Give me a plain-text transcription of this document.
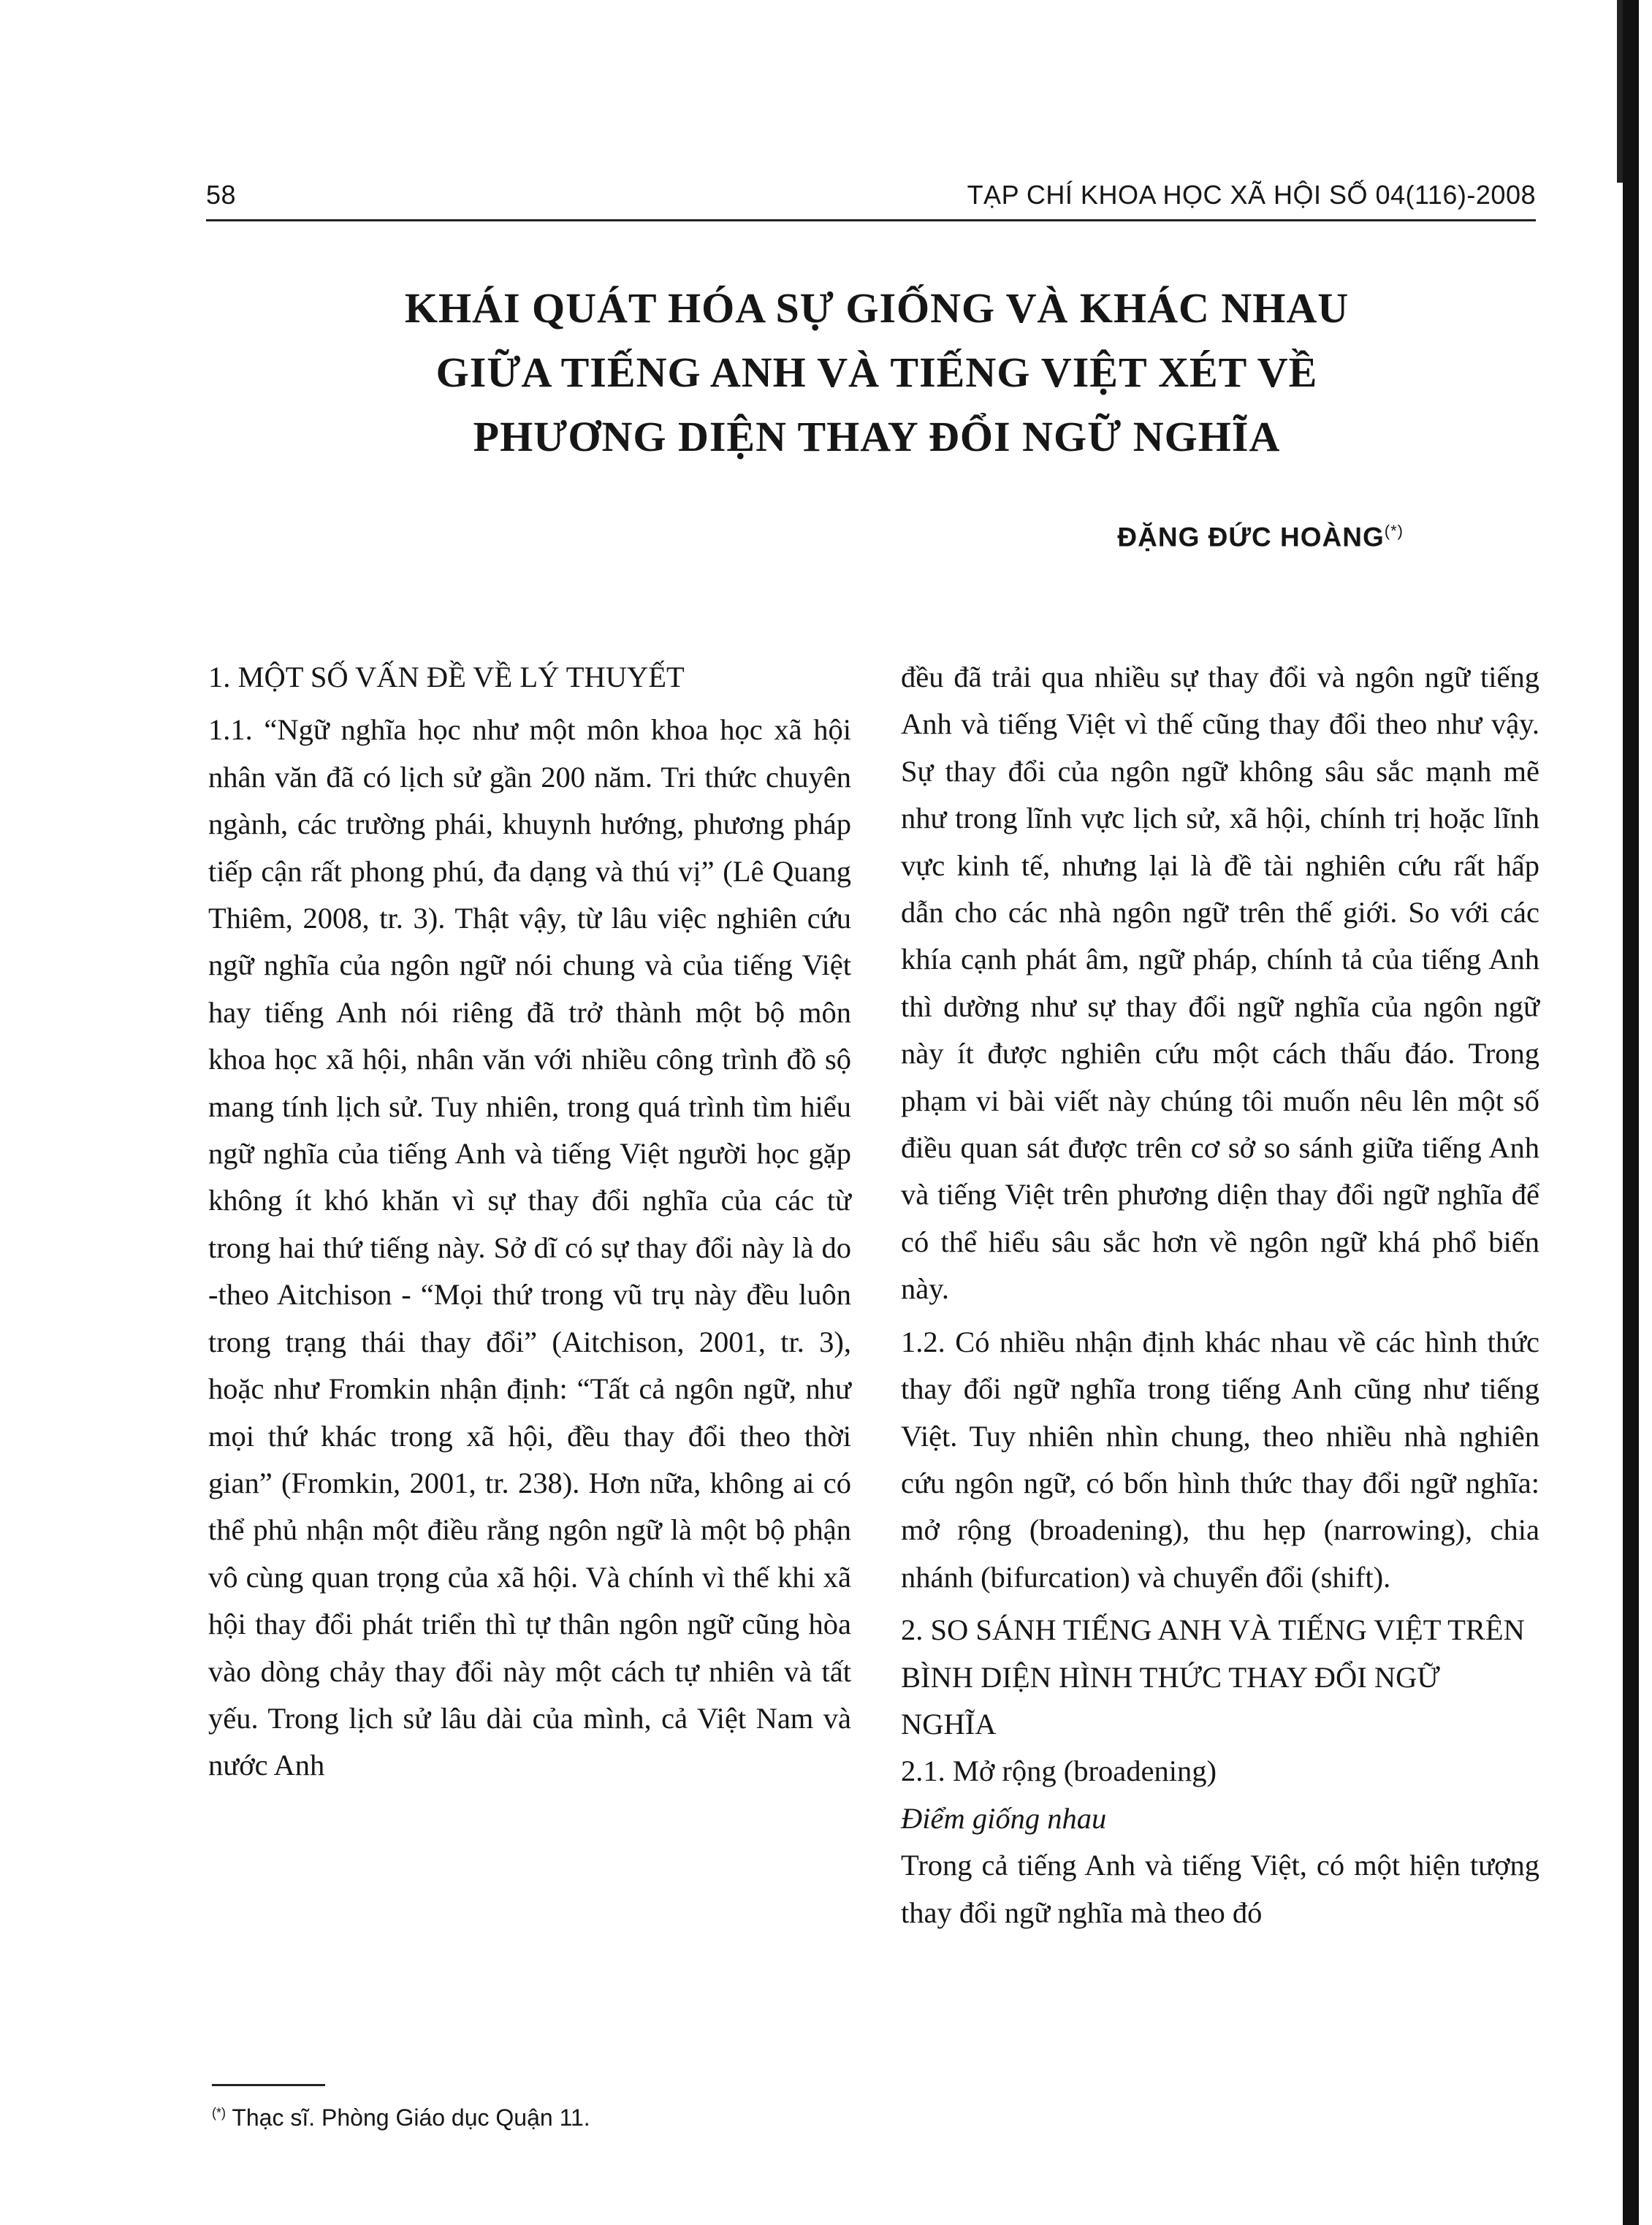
58	TẠP CHÍ KHOA HỌC XÃ HỘI SỐ 04(116)-2008
KHÁI QUÁT HÓA SỰ GIỐNG VÀ KHÁC NHAU
GIỮA TIẾNG ANH VÀ TIẾNG VIỆT XÉT VỀ
PHƯƠNG DIỆN THAY ĐỔI NGỮ NGHĨA
ĐẶNG ĐỨC HOÀNG(*)

1. MỘT SỐ VẤN ĐỀ VỀ LÝ THUYẾT

1.1. “Ngữ nghĩa học như một môn khoa học xã hội nhân văn đã có lịch sử gần 200 năm. Tri thức chuyên ngành, các trường phái, khuynh hướng, phương pháp tiếp cận rất phong phú, đa dạng và thú vị” (Lê Quang Thiêm, 2008, tr. 3). Thật vậy, từ lâu việc nghiên cứu ngữ nghĩa của ngôn ngữ nói chung và của tiếng Việt hay tiếng Anh nói riêng đã trở thành một bộ môn khoa học xã hội, nhân văn với nhiều công trình đồ sộ mang tính lịch sử. Tuy nhiên, trong quá trình tìm hiểu ngữ nghĩa của tiếng Anh và tiếng Việt người học gặp không ít khó khăn vì sự thay đổi nghĩa của các từ trong hai thứ tiếng này. Sở dĩ có sự thay đổi này là do -theo Aitchison - “Mọi thứ trong vũ trụ này đều luôn trong trạng thái thay đổi” (Aitchison, 2001, tr. 3), hoặc như Fromkin nhận định: “Tất cả ngôn ngữ, như mọi thứ khác trong xã hội, đều thay đổi theo thời gian” (Fromkin, 2001, tr. 238). Hơn nữa, không ai có thể phủ nhận một điều rằng ngôn ngữ là một bộ phận vô cùng quan trọng của xã hội. Và chính vì thế khi xã hội thay đổi phát triển thì tự thân ngôn ngữ cũng hòa vào dòng chảy thay đổi này một cách tự nhiên và tất yếu. Trong lịch sử lâu dài của mình, cả Việt Nam và nước Anh

đều đã trải qua nhiều sự thay đổi và ngôn ngữ tiếng Anh và tiếng Việt vì thế cũng thay đổi theo như vậy. Sự thay đổi của ngôn ngữ không sâu sắc mạnh mẽ như trong lĩnh vực lịch sử, xã hội, chính trị hoặc lĩnh vực kinh tế, nhưng lại là đề tài nghiên cứu rất hấp dẫn cho các nhà ngôn ngữ trên thế giới. So với các khía cạnh phát âm, ngữ pháp, chính tả của tiếng Anh thì dường như sự thay đổi ngữ nghĩa của ngôn ngữ này ít được nghiên cứu một cách thấu đáo. Trong phạm vi bài viết này chúng tôi muốn nêu lên một số điều quan sát được trên cơ sở so sánh giữa tiếng Anh và tiếng Việt trên phương diện thay đổi ngữ nghĩa để có thể hiểu sâu sắc hơn về ngôn ngữ khá phổ biến này.

1.2. Có nhiều nhận định khác nhau về các hình thức thay đổi ngữ nghĩa trong tiếng Anh cũng như tiếng Việt. Tuy nhiên nhìn chung, theo nhiều nhà nghiên cứu ngôn ngữ, có bốn hình thức thay đổi ngữ nghĩa: mở rộng (broadening), thu hẹp (narrowing), chia nhánh (bifurcation) và chuyển đổi (shift).

2. SO SÁNH TIẾNG ANH VÀ TIẾNG VIỆT TRÊN BÌNH DIỆN HÌNH THỨC THAY ĐỔI NGỮ NGHĨA

2.1. Mở rộng (broadening)

Điểm giống nhau

Trong cả tiếng Anh và tiếng Việt, có một hiện tượng thay đổi ngữ nghĩa mà theo đó

(*) Thạc sĩ. Phòng Giáo dục Quận 11.
